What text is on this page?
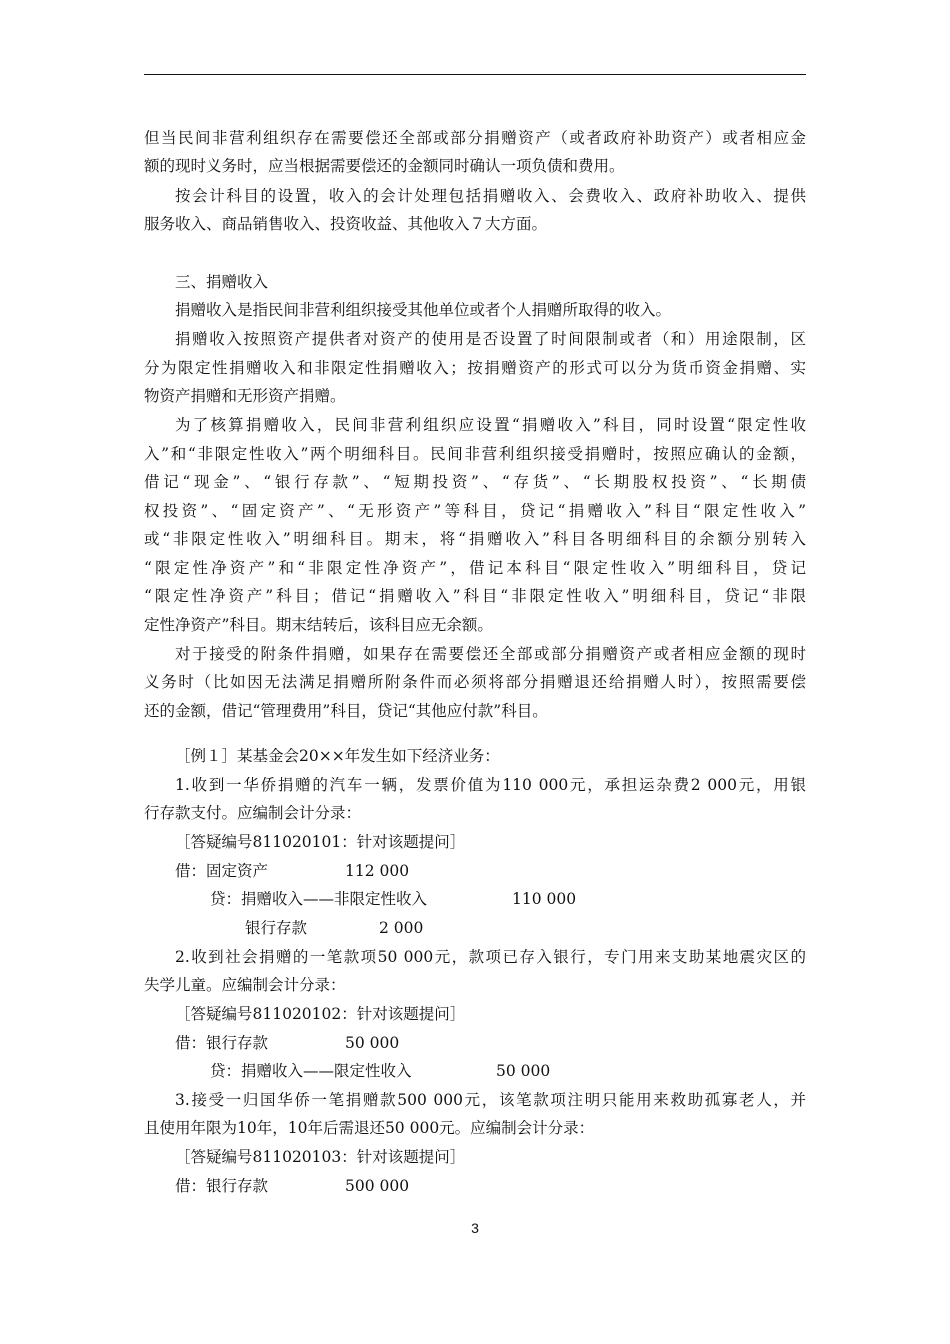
但当民间非营利组织存在需要偿还全部或部分捐赠资产（或者政府补助资产）或者相应金
额的现时义务时，应当根据需要偿还的金额同时确认一项负债和费用。
按会计科目的设置，收入的会计处理包括捐赠收入、会费收入、政府补助收入、提供
服务收入、商品销售收入、投资收益、其他收入７大方面。
三、捐赠收入
捐赠收入是指民间非营利组织接受其他单位或者个人捐赠所取得的收入。
捐赠收入按照资产提供者对资产的使用是否设置了时间限制或者（和）用途限制，区
分为限定性捐赠收入和非限定性捐赠收入；按捐赠资产的形式可以分为货币资金捐赠、实
物资产捐赠和无形资产捐赠。
为了核算捐赠收入，民间非营利组织应设置“捐赠收入”科目，同时设置“限定性收
入”和“非限定性收入”两个明细科目。民间非营利组织接受捐赠时，按照应确认的金额，
借记“现金”、“银行存款”、“短期投资”、“存货”、“长期股权投资”、“长期债
权投资”、“固定资产”、“无形资产”等科目，贷记“捐赠收入”科目“限定性收入”
或“非限定性收入”明细科目。期末，将“捐赠收入”科目各明细科目的余额分别转入
“限定性净资产”和“非限定性净资产”，借记本科目“限定性收入”明细科目，贷记
“限定性净资产”科目；借记“捐赠收入”科目“非限定性收入”明细科目，贷记“非限
定性净资产”科目。期末结转后，该科目应无余额。
对于接受的附条件捐赠，如果存在需要偿还全部或部分捐赠资产或者相应金额的现时
义务时（比如因无法满足捐赠所附条件而必须将部分捐赠退还给捐赠人时），按照需要偿
还的金额，借记“管理费用”科目，贷记“其他应付款”科目。
［例１］某基金会20××年发生如下经济业务：
1.收到一华侨捐赠的汽车一辆，发票价值为110 000元，承担运杂费2 000元，用银
行存款支付。应编制会计分录：
［答疑编号811020101：针对该题提问］
借：固定资产	112 000
贷：捐赠收入——非限定性收入	110 000
银行存款	2 000
2.收到社会捐赠的一笔款项50 000元，款项已存入银行，专门用来支助某地震灾区的
失学儿童。应编制会计分录：
［答疑编号811020102：针对该题提问］
借：银行存款	50 000
贷：捐赠收入——限定性收入	50 000
3.接受一归国华侨一笔捐赠款500 000元，该笔款项注明只能用来救助孤寡老人，并
且使用年限为10年，10年后需退还50 000元。应编制会计分录：
［答疑编号811020103：针对该题提问］
借：银行存款	500 000
3
